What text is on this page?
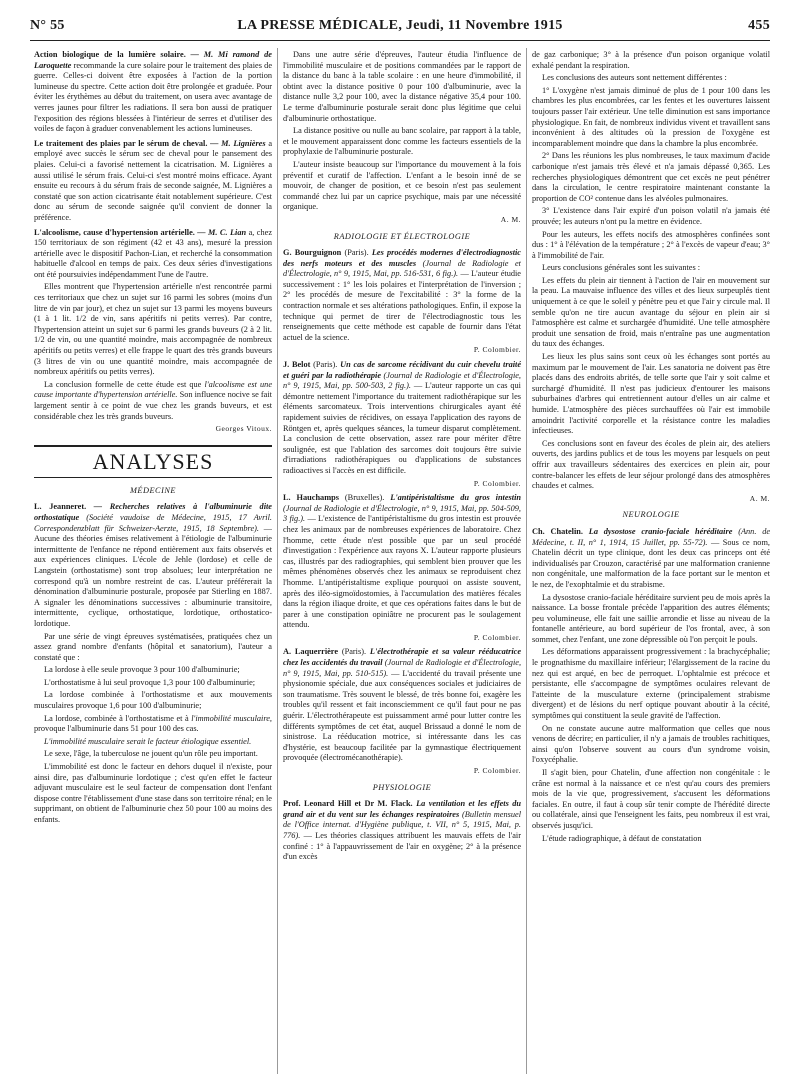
N° 55	LA PRESSE MÉDICALE, Jeudi, 11 Novembre 1915	455

Action biologique de la lumière solaire. — M. Mi ramond de Laroquette recommande la cure solaire pour le traitement des plaies de guerre. Celles-ci doivent être exposées à l'action de la portion lumineuse du spectre. Cette action doit être prolongée et graduée. Pour éviter les érythèmes au début du traitement, on usera avec avantage de verres jaunes pour filtrer les radiations. Il sera bon aussi de pratiquer l'exposition des régions blessées à l'intérieur de serres et d'utiliser des voiles de façon à graduer convenablement les actions lumineuses.

Le traitement des plaies par le sérum de cheval. — M. Lignières a employé avec succès le sérum sec de cheval pour le pansement des plaies. Celui-ci a favorisé nettement la cicatrisation. M. Lignières a aussi utilisé le sérum frais. Celui-ci s'est montré moins efficace. Ayant ensuite eu recours à du sérum frais de seconde saignée, M. Lignières a constaté que son action cicatrisante était notablement supérieure. C'est donc au sérum de seconde saignée qu'il convient de donner la préférence.

L'alcoolisme, cause d'hypertension artérielle. — M. C. Lian a, chez 150 territoriaux de son régiment (42 et 43 ans), mesuré la pression artérielle avec le dispositif Pachon-Lian, et recherché la consommation habituelle d'alcool en temps de paix. Ces deux séries d'investigations ont été poursuivies indépendamment l'une de l'autre.

Elles montrent que l'hypertension artérielle n'est rencontrée parmi ces territoriaux que chez un sujet sur 16 parmi les sobres (moins d'un litre de vin par jour), et chez un sujet sur 13 parmi les moyens buveurs (1 à 1 lit. 1/2 de vin, sans apéritifs ni petits verres). Par contre, l'hypertension atteint un sujet sur 6 parmi les grands buveurs (2 à 2 lit. 1/2 de vin, ou une quantité moindre, mais accompagnée de nombreux apéritifs ou petits verres) et elle frappe le quart des très grands buveurs (3 litres de vin ou une quantité moindre, mais accompagnée de nombreux apéritifs ou petits verres).

La conclusion formelle de cette étude est que l'alcoolisme est une cause importante d'hypertension artérielle. Son influence nocive se fait largement sentir à ce point de vue chez les grands buveurs, et est considérable chez les très grands buveurs.

Georges Vitoux.
ANALYSES
MÉDECINE

L. Jeanneret. — Recherches relatives à l'albuminurie dite orthostatique (Société vaudoise de Médecine, 1915, 17 Avril. Correspondenzblatt für Schweizer-Aerzte, 1915, 18 Septembre). — Aucune des théories émises relativement à l'étiologie de l'albuminurie intermittente de l'enfance ne répond entièrement aux faits observés et aux expériences cliniques. L'école de Jehle (lordose) et celle de Langstein (orthostatisme) sont trop absolues; leur interprétation ne correspond qu'à un nombre restreint de cas. L'auteur préférerait la dénomination d'albuminurie posturale, proposée par Stierling en 1887. A signaler les dénominations successives : albuminurie transitoire, intermittente, cyclique, orthostatique, lordotique, orthostatico-lordotique.

Par une série de vingt épreuves systématisées, pratiquées chez un assez grand nombre d'enfants (hôpital et sanatorium), l'auteur a constaté que :

La lordose à elle seule provoque 3 pour 100 d'albuminurie;

L'orthostatisme à lui seul provoque 1,3 pour 100 d'albuminurie;

La lordose combinée à l'orthostatisme et aux mouvements musculaires provoque 1,6 pour 100 d'albuminurie;

La lordose, combinée à l'orthostatisme et à l'immobilité musculaire, provoque l'albuminurie dans 51 pour 100 des cas.

L'immobilité musculaire serait le facteur étiologique essentiel.

Le sexe, l'âge, la tuberculose ne jouent qu'un rôle peu important.

L'immobilité est donc le facteur en dehors duquel il n'existe, pour ainsi dire, pas d'albuminurie lordotique ; c'est qu'en effet le facteur adjuvant musculaire est le seul facteur de compensation dont l'enfant dispose contre l'établissement d'une stase dans son territoire rénal; en le supprimant, on obtient de l'albuminurie chez 50 pour 100 au moins des enfants.

Dans une autre série d'épreuves, l'auteur étudia l'influence de l'immobilité musculaire et de positions commandées par le rapport de la distance du banc à la table scolaire : en une heure d'immobilité, il obtint avec la distance positive 0 pour 100 d'albuminurie, avec la distance nulle 3,2 pour 100, avec la distance négative 35,4 pour 100. Le terme d'albuminurie posturale serait donc plus légitime que celui d'albuminurie orthostatique.

La distance positive ou nulle au banc scolaire, par rapport à la table, et le mouvement apparaissent donc comme les facteurs essentiels de la prophylaxie de l'albuminurie posturale.

L'auteur insiste beaucoup sur l'importance du mouvement à la fois préventif et curatif de l'affection. L'enfant a le besoin inné de se mouvoir, de changer de position, et ce besoin n'est pas seulement commandé chez lui par un caprice psychique, mais par une nécessité organique.

A. M.
RADIOLOGIE ET ÉLECTROLOGIE

G. Bourguignon (Paris). Les procédés modernes d'électrodiagnostic des nerfs moteurs et des muscles (Journal de Radiologie et d'Électrologie, n° 9, 1915, Mai, pp. 516-531, 6 fig.). — L'auteur étudie successivement : 1° les lois polaires et l'interprétation de l'inversion ; 2° les procédés de mesure de l'excitabilité : 3° la forme de la contraction normale et ses altérations pathologiques. Enfin, il expose la technique qui permet de tirer de l'électrodiagnostic tous les renseignements que cette méthode est capable de fournir dans l'état actuel de la science.

P. Colombier.

J. Belot (Paris). Un cas de sarcome récidivant du cuir chevelu traité et guéri par la radiothérapie (Journal de Radiologie et d'Électrologie, n° 9, 1915, Mai, pp. 500-503, 2 fig.). — L'auteur rapporte un cas qui démontre nettement l'importance du traitement radiothérapique sur les éléments sarcomateux. Trois interventions chirurgicales ayant été rapidement suivies de récidives, on essaya l'application des rayons de Röntgen et, après quelques séances, la tumeur disparut complètement. La conclusion de cette observation, assez rare pour mériter d'être soulignée, est que l'ablation des sarcomes doit toujours être suivie d'irradiations radiothérapiques ou d'applications de substances radioactives si l'accès en est difficile.

P. Colombier.

L. Hauchamps (Bruxelles). L'antipéristaltisme du gros intestin (Journal de Radiologie et d'Électrologie, n° 9, 1915, Mai, pp. 504-509, 3 fig.). — L'existence de l'antipéristaltisme du gros intestin est prouvée chez les animaux par de nombreuses expériences de laboratoire. Chez l'homme, cette étude n'est possible que par un seul procédé d'investigation : l'expérience aux rayons X. L'auteur rapporte plusieurs cas, illustrés par des radiographies, qui semblent bien prouver que les mêmes phénomènes observés chez les animaux se reproduisent chez l'homme. L'antipéristaltisme explique pourquoi on assiste souvent, après des iléo-sigmoïdostomies, à l'accumulation des matières fécales dans la région iliaque droite, et que ces opérations faites dans le but de parer à une constipation opiniâtre ne procurent pas le soulagement attendu.

P. Colombier.

A. Laquerrière (Paris). L'électrothérapie et sa valeur rééducatrice chez les accidentés du travail (Journal de Radiologie et d'Électrologie, n° 9, 1915, Mai, pp. 510-515). — L'accidenté du travail présente une physionomie spéciale, due aux conséquences sociales et judiciaires de son traumatisme. Très souvent le blessé, de très bonne foi, exagère les troubles qu'il ressent et fait inconsciemment ce qu'il faut pour ne pas guérir. L'électrothérapeute est puissamment armé pour lutter contre les différents symptômes de cet état, auquel Brissaud a donné le nom de sinistrose. La rééducation motrice, si intéressante dans les cas d'hystérie, est beaucoup facilitée par la gymnastique électriquement provoquée (électromécanothérapie).

P. Colombier.
PHYSIOLOGIE

Prof. Leonard Hill et Dr M. Flack. La ventilation et les effets du grand air et du vent sur les échanges respiratoires (Bulletin mensuel de l'Office internat. d'Hygiène publique, t. VII, n° 5, 1915, Mai, p. 776). — Les théories classiques attribuent les mauvais effets de l'air confiné : 1° à l'appauvrissement de l'air en oxygène; 2° à la présence d'un excès

de gaz carbonique; 3° à la présence d'un poison organique volatil exhalé pendant la respiration.

Les conclusions des auteurs sont nettement différentes :

1° L'oxygène n'est jamais diminué de plus de 1 pour 100 dans les chambres les plus encombrées, car les fentes et les ouvertures laissent toujours passer l'air extérieur. Une telle diminution est sans importance physiologique. En fait, de nombreux individus vivent et travaillent sans inconvénient à des altitudes où la pression de l'oxygène est incomparablement moindre que dans la chambre la plus encombrée.

2° Dans les réunions les plus nombreuses, le taux maximum d'acide carbonique n'est jamais très élevé et n'a jamais dépassé 0,365. Les recherches physiologiques démontrent que cet excès ne peut pénétrer dans la circulation, le centre respiratoire maintenant constante la proportion de CO² contenue dans les alvéoles pulmonaires.

3° L'existence dans l'air expiré d'un poison volatil n'a jamais été prouvée; les auteurs n'ont pu la mettre en évidence.

Pour les auteurs, les effets nocifs des atmosphères confinées sont dus : 1° à l'élévation de la température ; 2° à l'excès de vapeur d'eau; 3° à l'immobilité de l'air.

Leurs conclusions générales sont les suivantes :

Les effets du plein air tiennent à l'action de l'air en mouvement sur la peau. La mauvaise influence des villes et des lieux surpeuplés tient uniquement à ce que le soleil y pénètre peu et que l'air y circule mal. Il semble qu'on ne tire aucun avantage du séjour en plein air si l'atmosphère est calme et surchargée d'humidité. Une telle atmosphère produit une sensation de froid, mais n'entraîne pas une augmentation du taux des échanges.

Les lieux les plus sains sont ceux où les échanges sont portés au maximum par le mouvement de l'air. Les sanatoria ne doivent pas être placés dans des endroits abrités, de telle sorte que l'air y soit calme et surchargé d'humidité. Il n'est pas judicieux d'entourer les maisons suburbaines d'arbres qui entretiennent autour d'elles un air calme et humide. L'atmosphère des pièces surchauffées où l'air est immobile amoindrit l'activité corporelle et la résistance contre les maladies infectieuses.

Ces conclusions sont en faveur des écoles de plein air, des ateliers ouverts, des jardins publics et de tous les moyens par lesquels on peut offrir aux travailleurs sédentaires des exercices en plein air, pour contre-balancer les effets de leur séjour prolongé dans des atmosphères chaudes et calmes.

A. M.
NEUROLOGIE

Ch. Chatelin. La dysostose cranio-faciale héréditaire (Ann. de Médecine, t. II, n° 1, 1914, 15 Juillet, pp. 55-72). — Sous ce nom, Chatelin décrit un type clinique, dont les deux cas princeps ont été individualisés par Crouzon, caractérisé par une malformation cranienne non congénitale, une malformation de la face portant sur le menton et le nez, de l'exophtalmie et du strabisme.

La dysostose cranio-faciale héréditaire survient peu de mois après la naissance. La bosse frontale précède l'apparition des autres éléments; peu volumineuse, elle fait une saillie arrondie et lisse au niveau de la fontanelle antérieure, au bord supérieur de l'os frontal, avec, à son sommet, chez l'enfant, une zone dépressible où l'on perçoit le pouls.

Les déformations apparaissent progressivement : la brachycéphalie; le prognathisme du maxillaire inférieur; l'élargissement de la racine du nez qui est arqué, en bec de perroquet. L'ophtalmie est précoce et persistante, elle s'accompagne de symptômes oculaires relevant de l'atteinte de la musculature externe (principalement strabisme divergent) et de lésions du nerf optique pouvant aboutir à la cécité, symptômes qui constituent la seule gravité de l'affection.

On ne constate aucune autre malformation que celles que nous venons de décrire; en particulier, il n'y a jamais de troubles rachitiques, ainsi qu'on l'observe souvent au cours d'un syndrome voisin, l'oxycéphalie.

Il s'agit bien, pour Chatelin, d'une affection non congénitale : le crâne est normal à la naissance et ce n'est qu'au cours des premiers mois de la vie que, progressivement, s'accusent les déformations faciales. En outre, il faut à coup sûr tenir compte de l'hérédité directe ou collatérale, ainsi que l'enseignent les faits, peu nombreux il est vrai, observés jusqu'ici.

L'étude radiographique, à défaut de constatation
